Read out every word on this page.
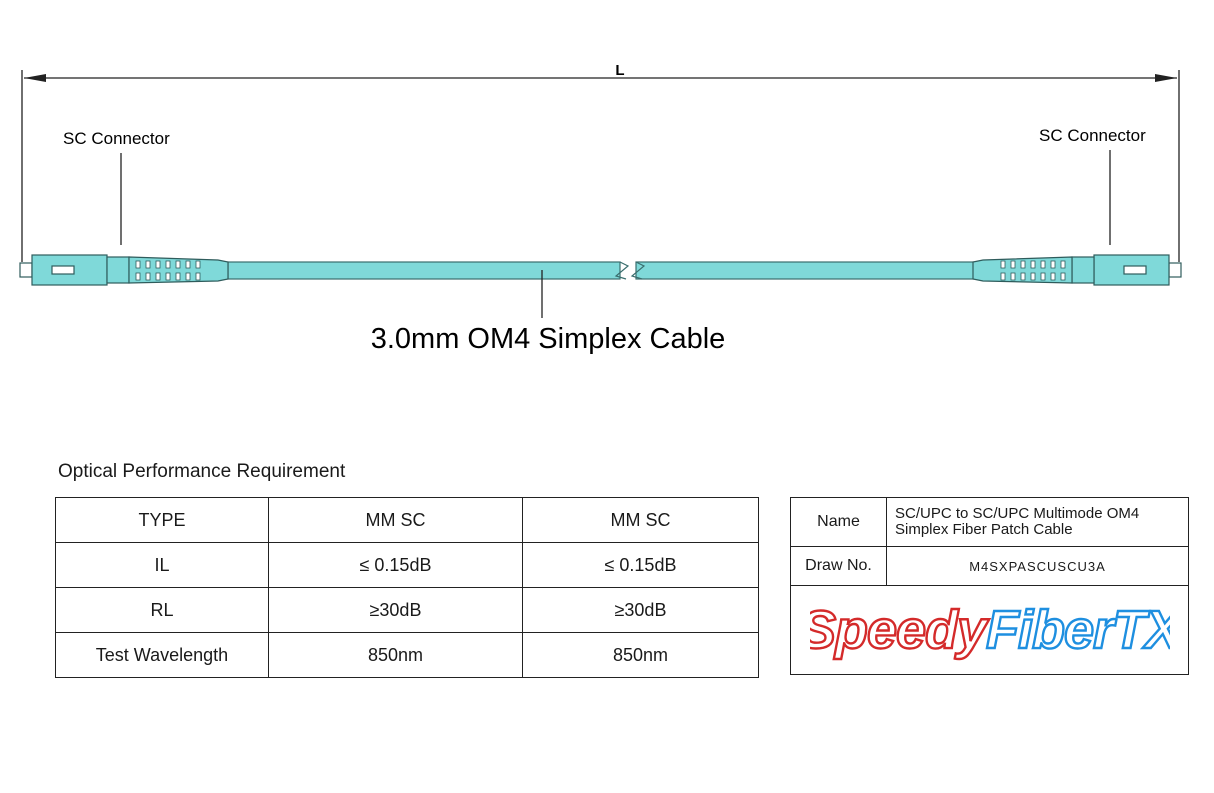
L
SC Connector	SC Connector
3.0mm OM4 Simplex Cable
Optical Performance Requirement
TYPE	MM SC	MM SC
IL	≤ 0.15dB	≤ 0.15dB
RL	≥30dB	≥30dB
Test Wavelength	850nm	850nm
Name	SC/UPC to SC/UPC Multimode OM4
Simplex Fiber Patch Cable

Draw No.	M4SXPASCUSCU3A

SpeedyFiberTX	
